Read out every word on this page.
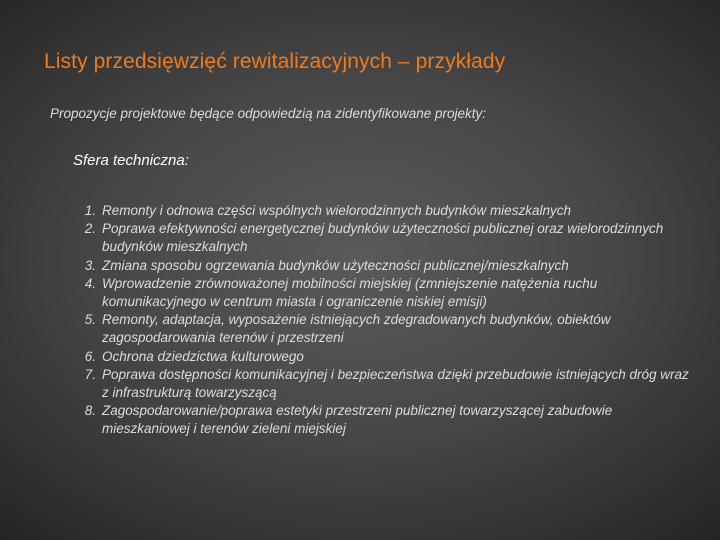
Listy przedsięwzięć rewitalizacyjnych – przykłady

Propozycje projektowe będące odpowiedzią na zidentyfikowane projekty:

Sfera techniczna:

1. Remonty i odnowa części wspólnych wielorodzinnych budynków mieszkalnych
2. Poprawa efektywności energetycznej budynków użyteczności publicznej oraz wielorodzinnych budynków mieszkalnych
3. Zmiana sposobu ogrzewania budynków użyteczności publicznej/mieszkalnych
4. Wprowadzenie zrównoważonej mobilności miejskiej (zmniejszenie natężenia ruchu komunikacyjnego w centrum miasta i ograniczenie niskiej emisji)
5. Remonty, adaptacja, wyposażenie istniejących zdegradowanych budynków, obiektów zagospodarowania terenów i przestrzeni
6. Ochrona dziedzictwa kulturowego
7. Poprawa dostępności komunikacyjnej i bezpieczeństwa dzięki przebudowie istniejących dróg wraz z infrastrukturą towarzyszącą
8. Zagospodarowanie/poprawa estetyki przestrzeni publicznej towarzyszącej zabudowie mieszkaniowej i terenów zieleni miejskiej
